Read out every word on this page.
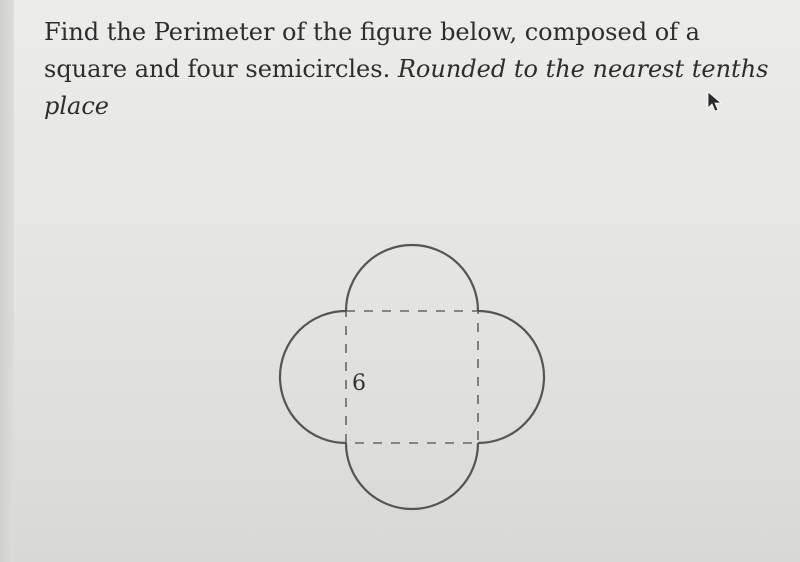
Find the Perimeter of the figure below, composed of a square and four semicircles. Rounded to the nearest tenths place
6
